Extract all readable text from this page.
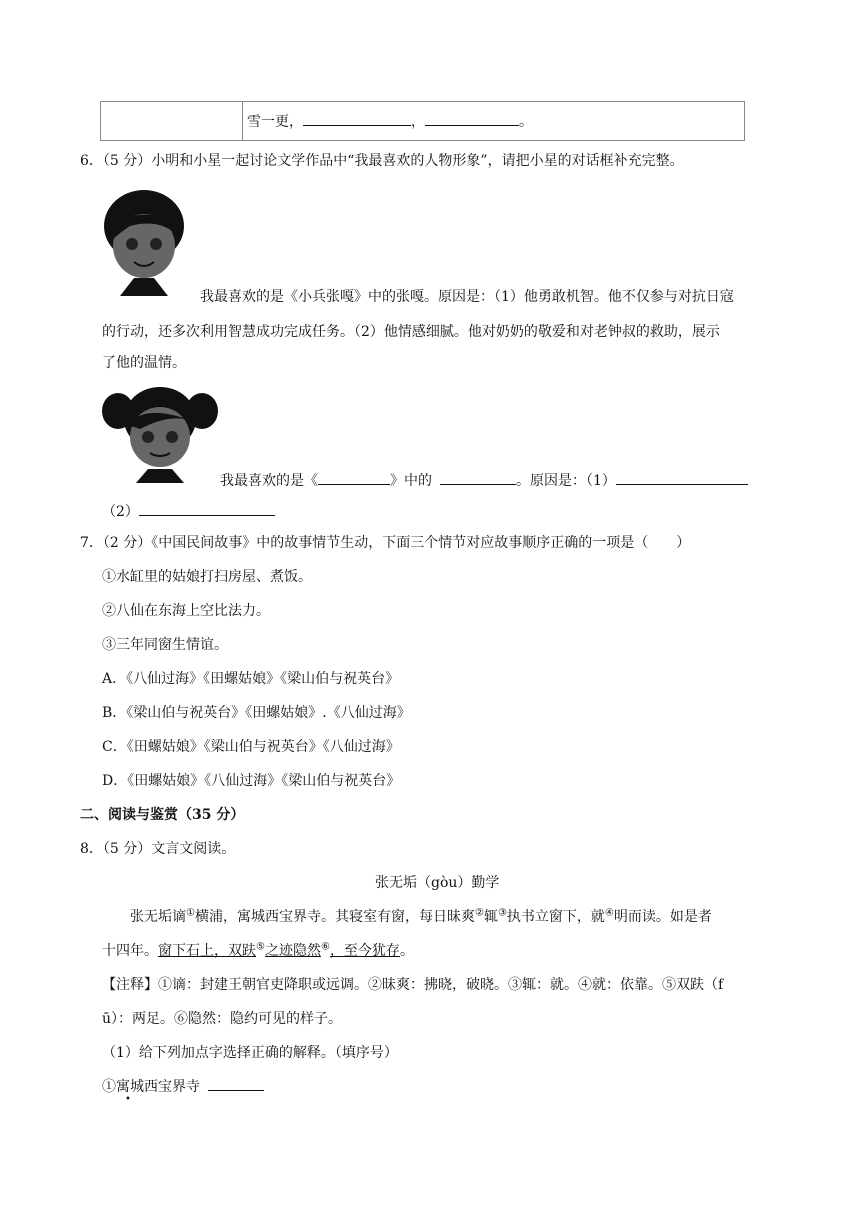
	雪一更，	，	。
6．（5 分）小明和小星一起讨论文学作品中“我最喜欢的人物形象”，请把小星的对话框补充完整。
我最喜欢的是《小兵张嘎》中的张嘎。原因是：（1）他勇敢机智。他不仅参与对抗日寇
的行动，还多次利用智慧成功完成任务。（2）他情感细腻。他对奶奶的敬爱和对老钟叔的救助，展示
了他的温情。
我最喜欢的是《	》中的	。原因是：（1）
（2）
7．（2 分）《中国民间故事》中的故事情节生动，下面三个情节对应故事顺序正确的一项是（　　）
①水缸里的姑娘打扫房屋、煮饭。
②八仙在东海上空比法力。
③三年同窗生情谊。
A．《八仙过海》《田螺姑娘》《梁山伯与祝英台》
B．《梁山伯与祝英台》《田螺姑娘》.《八仙过海》
C．《田螺姑娘》《梁山伯与祝英台》《八仙过海》
D．《田螺姑娘》《八仙过海》《梁山伯与祝英台》
二、阅读与鉴赏（35 分）
8．（5 分）文言文阅读。
张无垢（gòu）勤学
张无垢谪①横浦，寓城西宝界寺。其寝室有窗，每日昧爽②辄③执书立窗下，就④明而读。如是者
十四年。窗下石上，双趺⑤之迹隐然⑥，至今犹存。
【注释】①谪：封建王朝官吏降职或远调。②昧爽：拂晓，破晓。③辄：就。④就：依靠。⑤双趺（f
ū）：两足。⑥隐然：隐约可见的样子。
（1）给下列加点字选择正确的解释。（填序号）
①寓城西宝界寺
•
